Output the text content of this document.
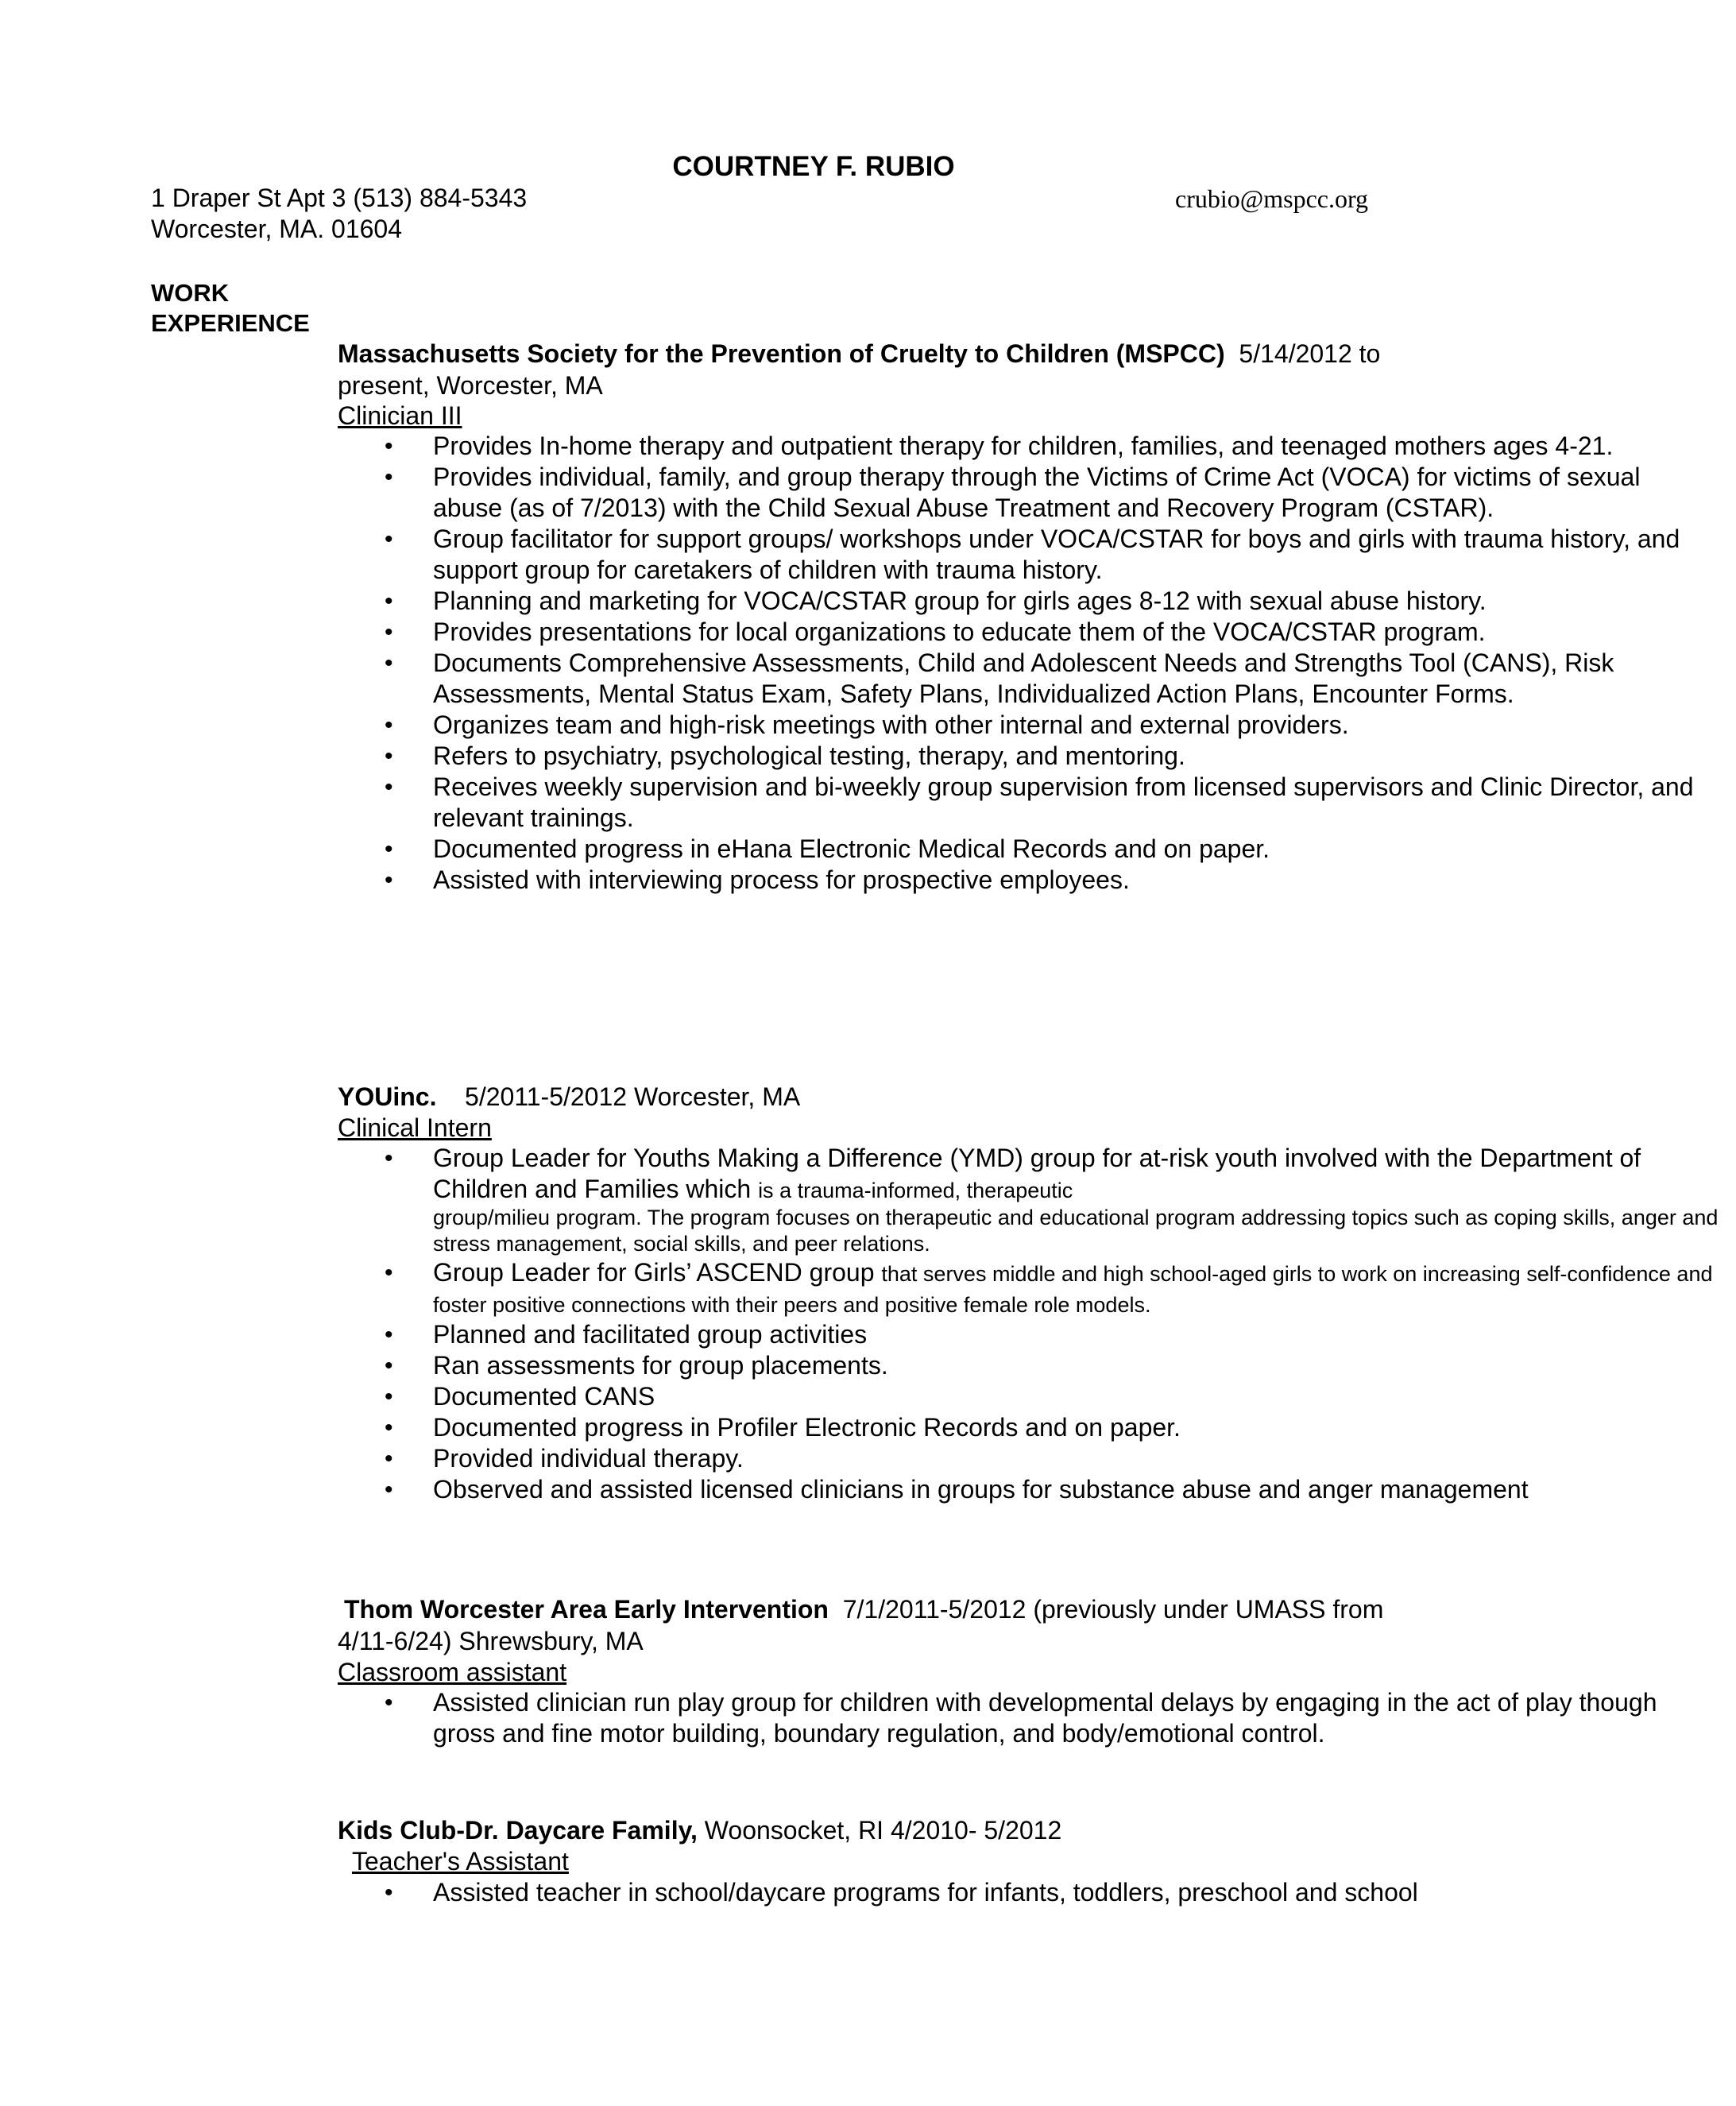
COURTNEY F. RUBIO
1 Draper St Apt 3 (513) 884-5343	crubio@mspcc.org
Worcester, MA. 01604
WORK
EXPERIENCE
Massachusetts Society for the Prevention of Cruelty to Children (MSPCC) 5/14/2012 to
present, Worcester, MA
Clinician III
• Provides In-home therapy and outpatient therapy for children, families, and teenaged mothers ages 4-21.
• Provides individual, family, and group therapy through the Victims of Crime Act (VOCA) for victims of sexual abuse (as of 7/2013) with the Child Sexual Abuse Treatment and Recovery Program (CSTAR).
• Group facilitator for support groups/ workshops under VOCA/CSTAR for boys and girls with trauma history, and support group for caretakers of children with trauma history.
• Planning and marketing for VOCA/CSTAR group for girls ages 8-12 with sexual abuse history.
• Provides presentations for local organizations to educate them of the VOCA/CSTAR program.
• Documents Comprehensive Assessments, Child and Adolescent Needs and Strengths Tool (CANS), Risk Assessments, Mental Status Exam, Safety Plans, Individualized Action Plans, Encounter Forms.
• Organizes team and high-risk meetings with other internal and external providers.
• Refers to psychiatry, psychological testing, therapy, and mentoring.
• Receives weekly supervision and bi-weekly group supervision from licensed supervisors and Clinic Director, and relevant trainings.
• Documented progress in eHana Electronic Medical Records and on paper.
• Assisted with interviewing process for prospective employees.
YOUinc. 5/2011-5/2012 Worcester, MA
Clinical Intern
• Group Leader for Youths Making a Difference (YMD) group for at-risk youth involved with the Department of Children and Families which is a trauma-informed, therapeutic
group/milieu program. The program focuses on therapeutic and educational program addressing topics such as coping skills, anger and stress management, social skills, and peer relations.
• Group Leader for Girls’ ASCEND group that serves middle and high school-aged girls to work on increasing self-confidence and foster positive connections with their peers and positive female role models.
• Planned and facilitated group activities
• Ran assessments for group placements.
• Documented CANS
• Documented progress in Profiler Electronic Records and on paper.
• Provided individual therapy.
• Observed and assisted licensed clinicians in groups for substance abuse and anger management
Thom Worcester Area Early Intervention 7/1/2011-5/2012 (previously under UMASS from
4/11-6/24) Shrewsbury, MA
Classroom assistant
• Assisted clinician run play group for children with developmental delays by engaging in the act of play though gross and fine motor building, boundary regulation, and body/emotional control.
Kids Club-Dr. Daycare Family, Woonsocket, RI 4/2010- 5/2012
Teacher's Assistant
• Assisted teacher in school/daycare programs for infants, toddlers, preschool and school
